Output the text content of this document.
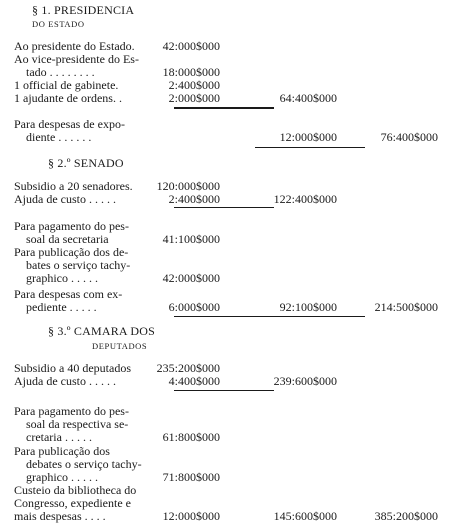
§ 1. PRESIDENCIA
DO ESTADO
Ao presidente do Estado. 42:000$000
Ao vice-presidente do Es-
tado . . . . . . . .	18:000$000
1 official de gabinete.	2:400$000
1 ajudante de ordens. .	2:000$000	64:400$000
Para despesas de expo-
diente . . . . . .	12:000$000	76:400$000
§ 2.º SENADO
Subsidio a 20 senadores. 120:000$000
Ajuda de custo . . . . .	2:400$000	122:400$000
Para pagamento do pes-
soal da secretaria	41:100$000
Para publicação dos de-
bates o serviço tachy-
graphico . . . . .	42:000$000
Para despesas com ex-
pediente . . . . .	6:000$000	92:100$000	214:500$000
§ 3.º CAMARA DOS
DEPUTADOS
Subsidio a 40 deputados 235:200$000
Ajuda de custo . . . . .	4:400$000	239:600$000
Para pagamento do pes-
soal da respectiva se-
cretaria . . . . .	61:800$000
Para publicação dos
debates o serviço tachy-
graphico . . . . .	71:800$000
Custeio da bibliotheca do
Congresso, expediente e
mais despesas . . . .	12:000$000	145:600$000	385:200$000
